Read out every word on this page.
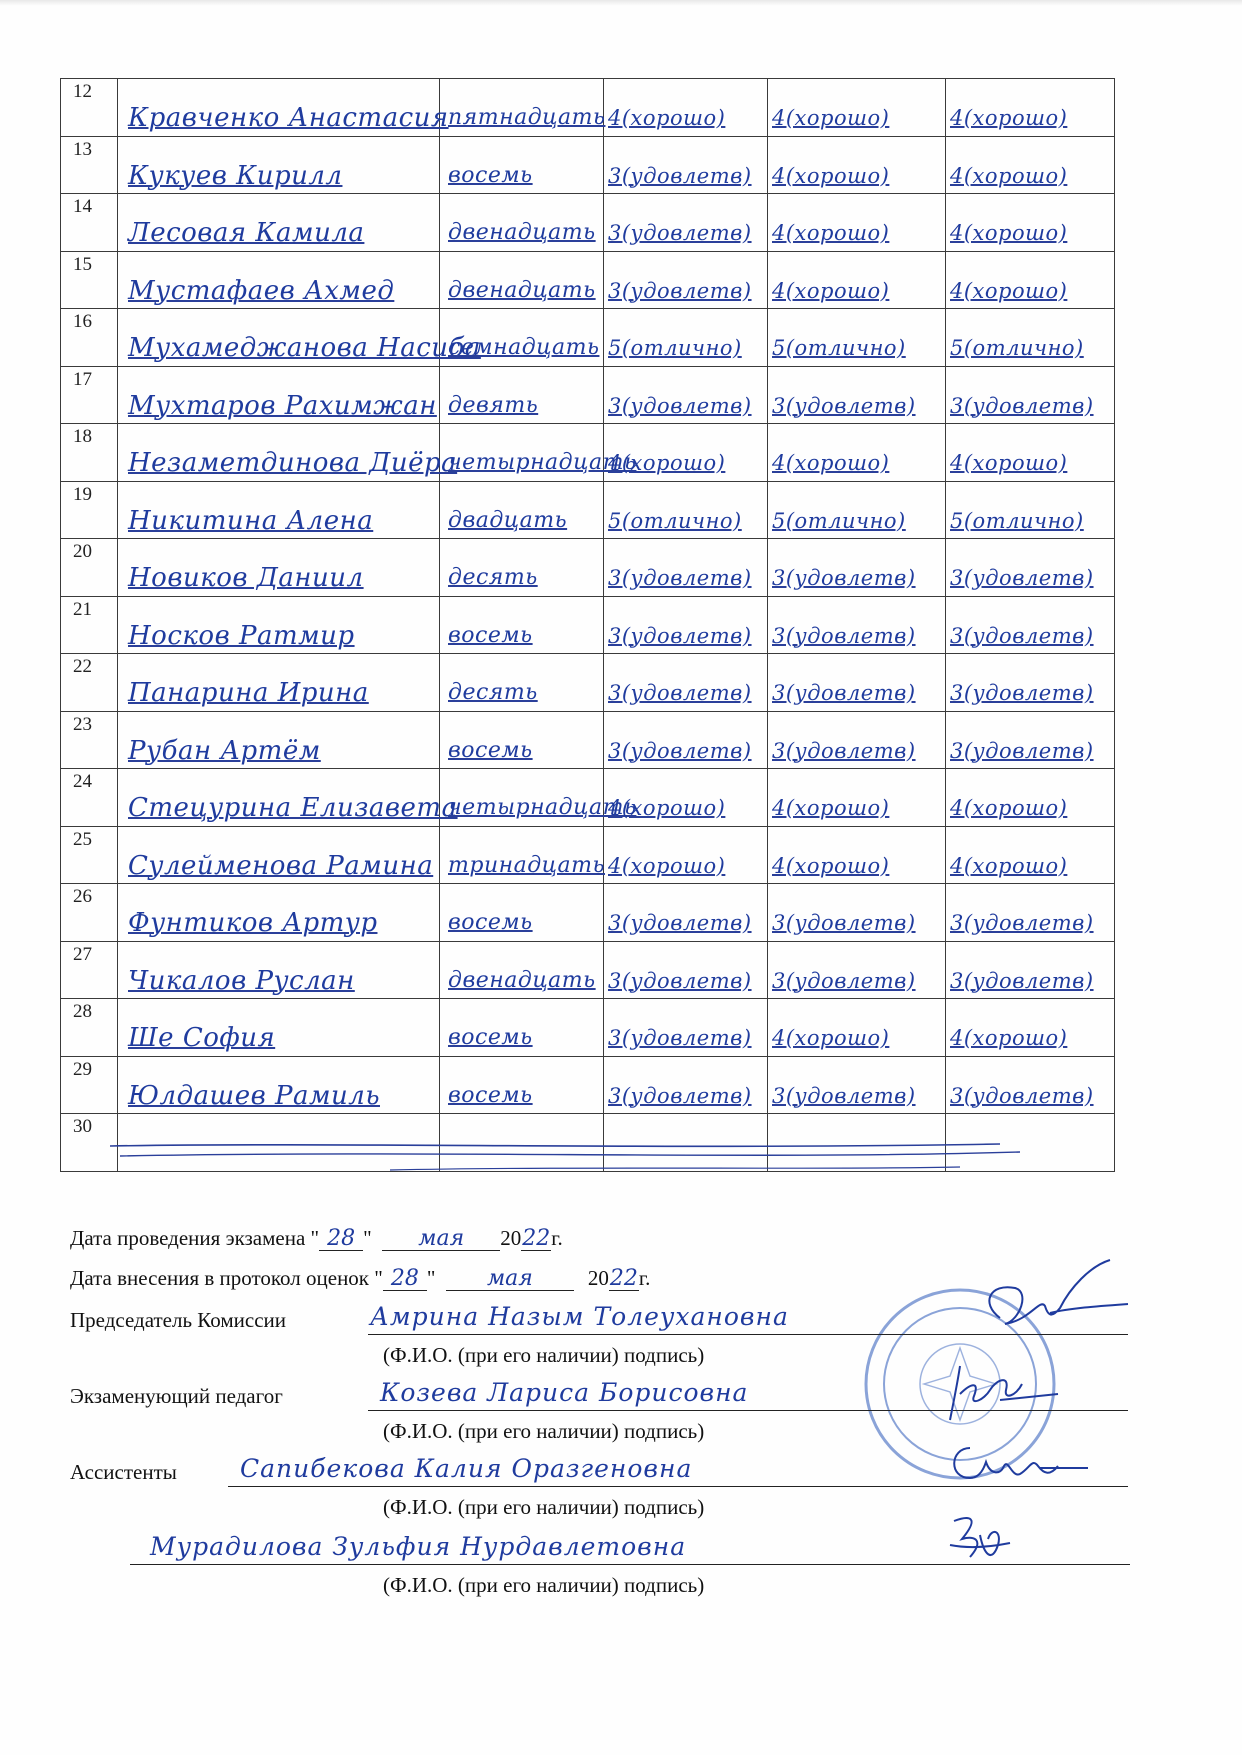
12	Кравченко Анастасия	пятнадцать	4(хорошо)	4(хорошо)	4(хорошо)

13	Кукуев Кирилл	восемь	3(удовлетв)	4(хорошо)	4(хорошо)

14	Лесовая Камила	двенадцать	3(удовлетв)	4(хорошо)	4(хорошо)

15	Мустафаев Ахмед	двенадцать	3(удовлетв)	4(хорошо)	4(хорошо)

16	Мухамеджанова Насиба	семнадцать	5(отлично)	5(отлично)	5(отлично)

17	Мухтаров Рахимжан	девять	3(удовлетв)	3(удовлетв)	3(удовлетв)

18	Незаметдинова Диёра	четырнадцать	4(хорошо)	4(хорошо)	4(хорошо)

19	Никитина Алена	двадцать	5(отлично)	5(отлично)	5(отлично)

20	Новиков Даниил	десять	3(удовлетв)	3(удовлетв)	3(удовлетв)

21	Носков Ратмир	восемь	3(удовлетв)	3(удовлетв)	3(удовлетв)

22	Панарина Ирина	десять	3(удовлетв)	3(удовлетв)	3(удовлетв)

23	Рубан Артём	восемь	3(удовлетв)	3(удовлетв)	3(удовлетв)

24	Стецурина Елизавета	четырнадцать	4(хорошо)	4(хорошо)	4(хорошо)

25	Сулейменова Рамина	тринадцать	4(хорошо)	4(хорошо)	4(хорошо)

26	Фунтиков Артур	восемь	3(удовлетв)	3(удовлетв)	3(удовлетв)

27	Чикалов Руслан	двенадцать	3(удовлетв)	3(удовлетв)	3(удовлетв)

28	Ше София	восемь	3(удовлетв)	4(хорошо)	4(хорошо)

29	Юлдашев Рамиль	восемь	3(удовлетв)	3(удовлетв)	3(удовлетв)

30					

Дата проведения экзамена " 28 "  мая 2022г.
Дата внесения в протокол оценок " 28 "  мая	2022г.
Председатель Комиссии	Амрина Назым Толеухановна
(Ф.И.О. (при его наличии) подпись)
Экзаменующий педагог	Козева Лариса Борисовна
(Ф.И.О. (при его наличии) подпись)
Ассистенты	Сапибекова Калия Оразгеновна
(Ф.И.О. (при его наличии) подпись)
Мурадилова Зульфия Нурдавлетовна
(Ф.И.О. (при его наличии) подпись)
